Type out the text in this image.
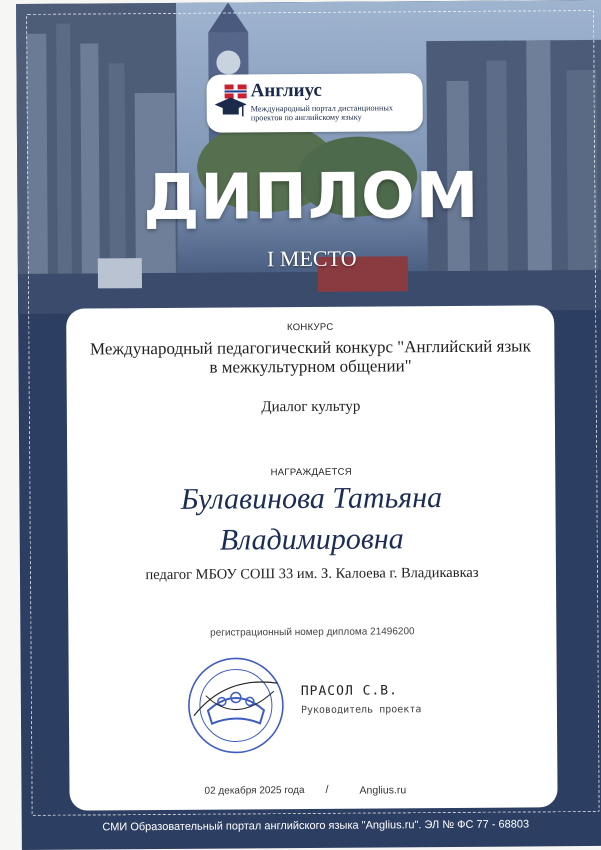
Англиус
Международный портал дистанционных проектов по английскому языку
ДИПЛОМ
I МЕСТО
КОНКУРС
Международный педагогический конкурс "Английский язык в межкультурном общении"
Диалог культур
НАГРАЖДАЕТСЯ
Булавинова Татьяна
Владимировна
педагог МБОУ СОШ 33 им. З. Калоева г. Владикавказ
регистрационный номер диплома 21496200
ПРАСОЛ С.В.
Руководитель проекта
02 декабря 2025 года /	Anglius.ru
СМИ Образовательный портал английского языка "Anglius.ru". ЭЛ № ФС 77 - 68803
